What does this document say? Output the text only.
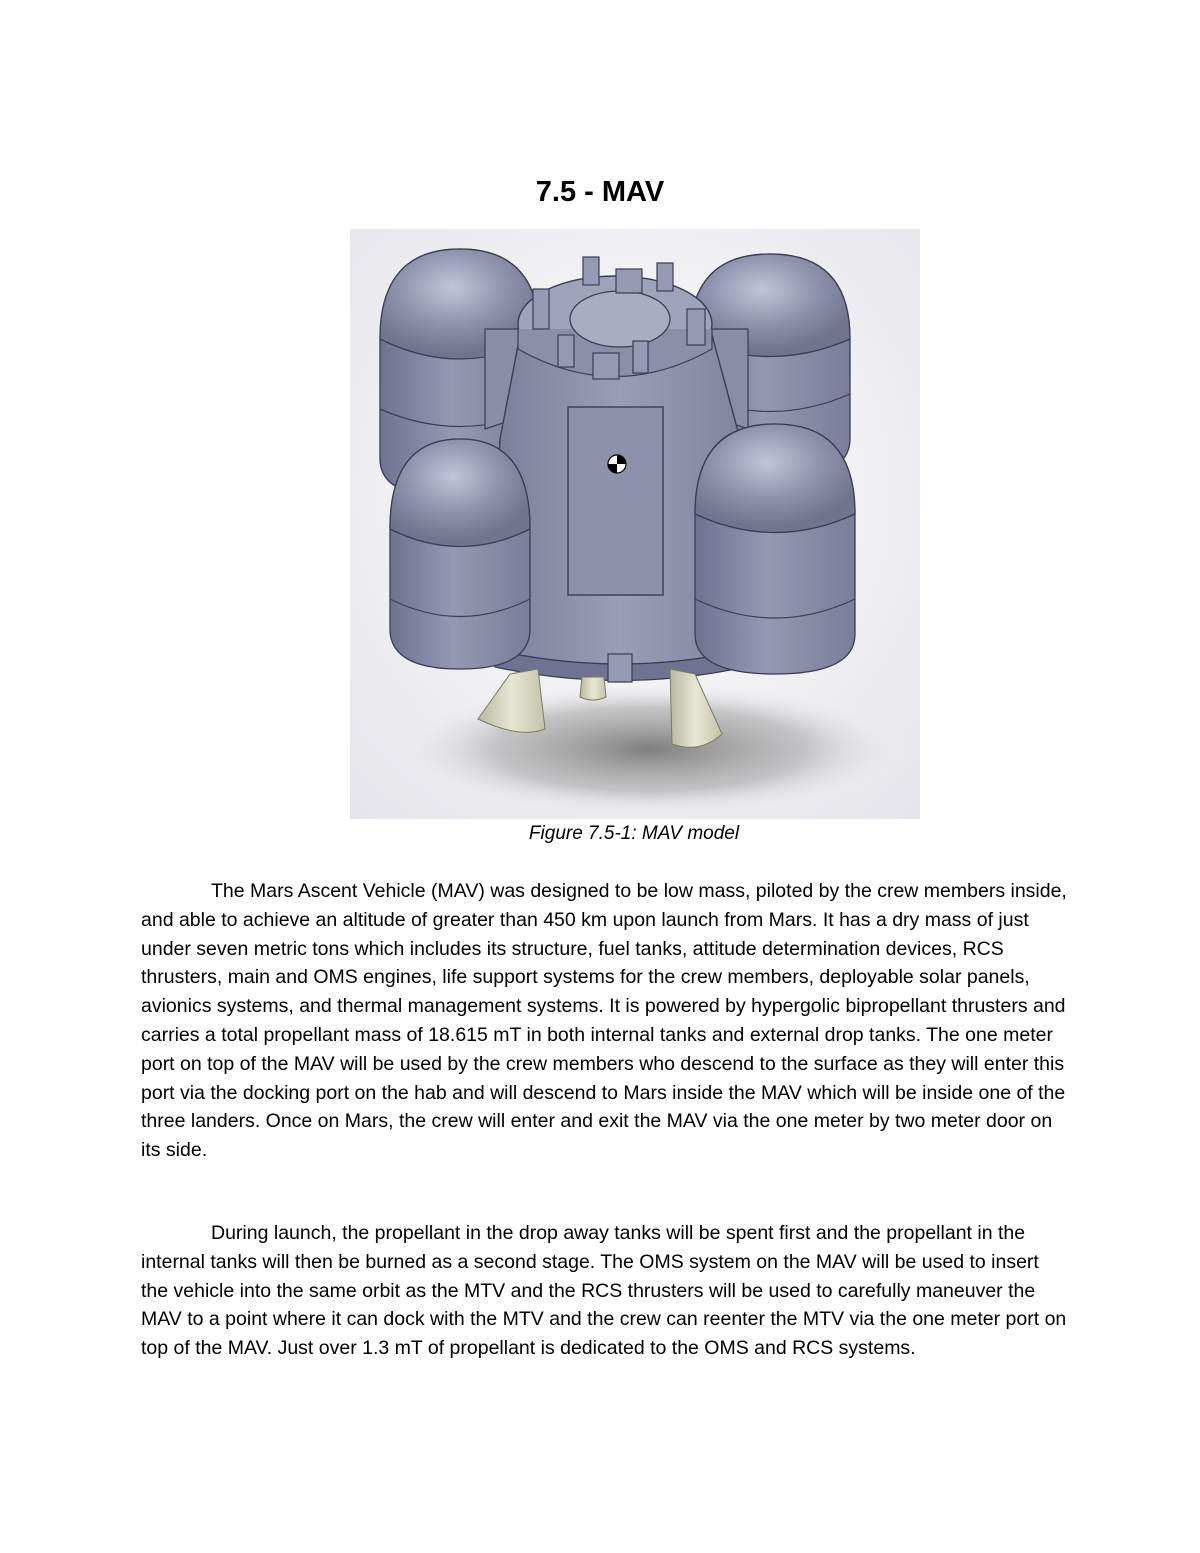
7.5 - MAV
Figure 7.5-1: MAV model

The Mars Ascent Vehicle (MAV) was designed to be low mass, piloted by the crew members inside, and able to achieve an altitude of greater than 450 km upon launch from Mars. It has a dry mass of just under seven metric tons which includes its structure, fuel tanks, attitude determination devices, RCS thrusters, main and OMS engines, life support systems for the crew members, deployable solar panels, avionics systems, and thermal management systems. It is powered by hypergolic bipropellant thrusters and carries a total propellant mass of 18.615 mT in both internal tanks and external drop tanks. The one meter port on top of the MAV will be used by the crew members who descend to the surface as they will enter this port via the docking port on the hab and will descend to Mars inside the MAV which will be inside one of the three landers. Once on Mars, the crew will enter and exit the MAV via the one meter by two meter door on its side.

During launch, the propellant in the drop away tanks will be spent first and the propellant in the internal tanks will then be burned as a second stage. The OMS system on the MAV will be used to insert the vehicle into the same orbit as the MTV and the RCS thrusters will be used to carefully maneuver the MAV to a point where it can dock with the MTV and the crew can reenter the MTV via the one meter port on top of the MAV. Just over 1.3 mT of propellant is dedicated to the OMS and RCS systems.
